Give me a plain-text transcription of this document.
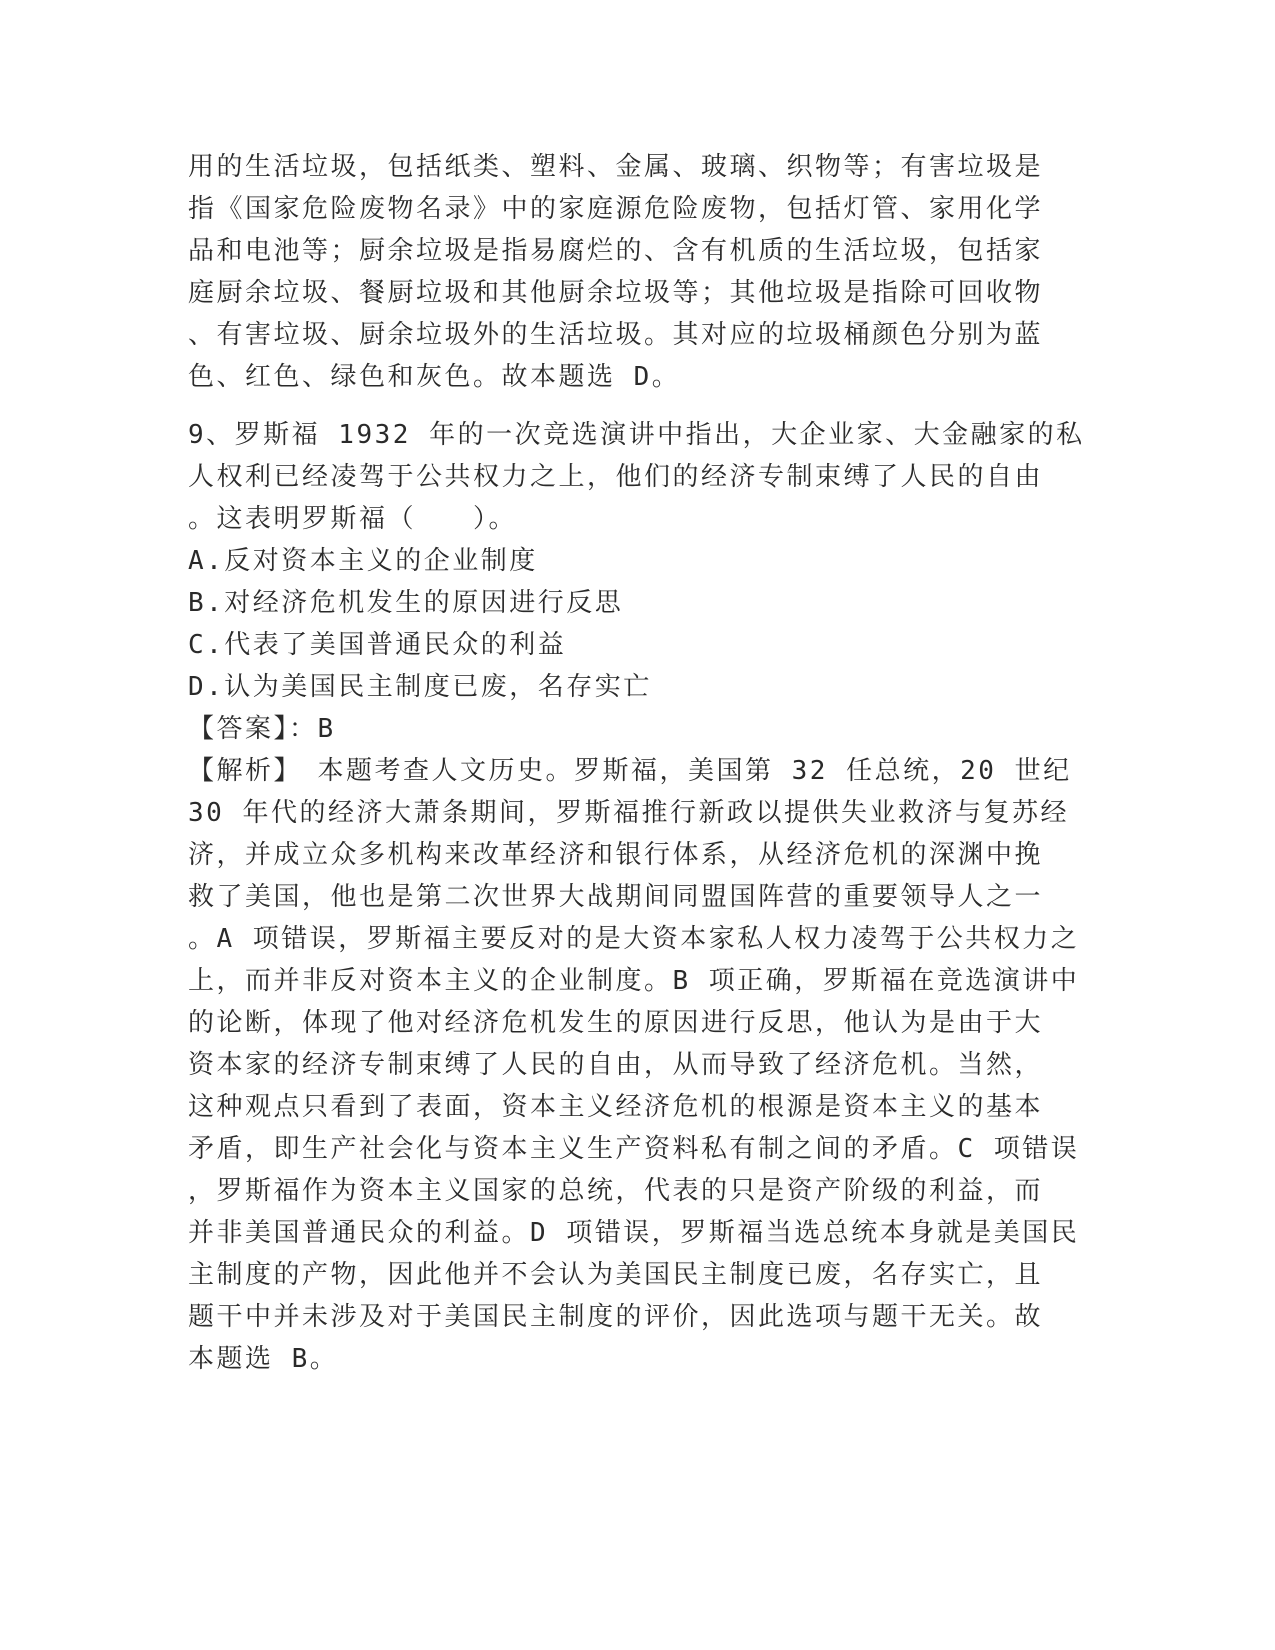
用的生活垃圾，包括纸类、塑料、金属、玻璃、织物等；有害垃圾是
指《国家危险废物名录》中的家庭源危险废物，包括灯管、家用化学
品和电池等；厨余垃圾是指易腐烂的、含有机质的生活垃圾，包括家
庭厨余垃圾、餐厨垃圾和其他厨余垃圾等；其他垃圾是指除可回收物
、有害垃圾、厨余垃圾外的生活垃圾。其对应的垃圾桶颜色分别为蓝
色、红色、绿色和灰色。故本题选 D。
9、罗斯福 1932 年的一次竞选演讲中指出，大企业家、大金融家的私
人权利已经凌驾于公共权力之上，他们的经济专制束缚了人民的自由
。这表明罗斯福（　　）。
A.反对资本主义的企业制度
B.对经济危机发生的原因进行反思
C.代表了美国普通民众的利益
D.认为美国民主制度已废，名存实亡
【答案】：B
【解析】　本题考查人文历史。罗斯福，美国第 32 任总统，20 世纪
30 年代的经济大萧条期间，罗斯福推行新政以提供失业救济与复苏经
济，并成立众多机构来改革经济和银行体系，从经济危机的深渊中挽
救了美国，他也是第二次世界大战期间同盟国阵营的重要领导人之一
。A 项错误，罗斯福主要反对的是大资本家私人权力凌驾于公共权力之
上，而并非反对资本主义的企业制度。B 项正确，罗斯福在竞选演讲中
的论断，体现了他对经济危机发生的原因进行反思，他认为是由于大
资本家的经济专制束缚了人民的自由，从而导致了经济危机。当然，
这种观点只看到了表面，资本主义经济危机的根源是资本主义的基本
矛盾，即生产社会化与资本主义生产资料私有制之间的矛盾。C 项错误
，罗斯福作为资本主义国家的总统，代表的只是资产阶级的利益，而
并非美国普通民众的利益。D 项错误，罗斯福当选总统本身就是美国民
主制度的产物，因此他并不会认为美国民主制度已废，名存实亡，且
题干中并未涉及对于美国民主制度的评价，因此选项与题干无关。故
本题选 B。
